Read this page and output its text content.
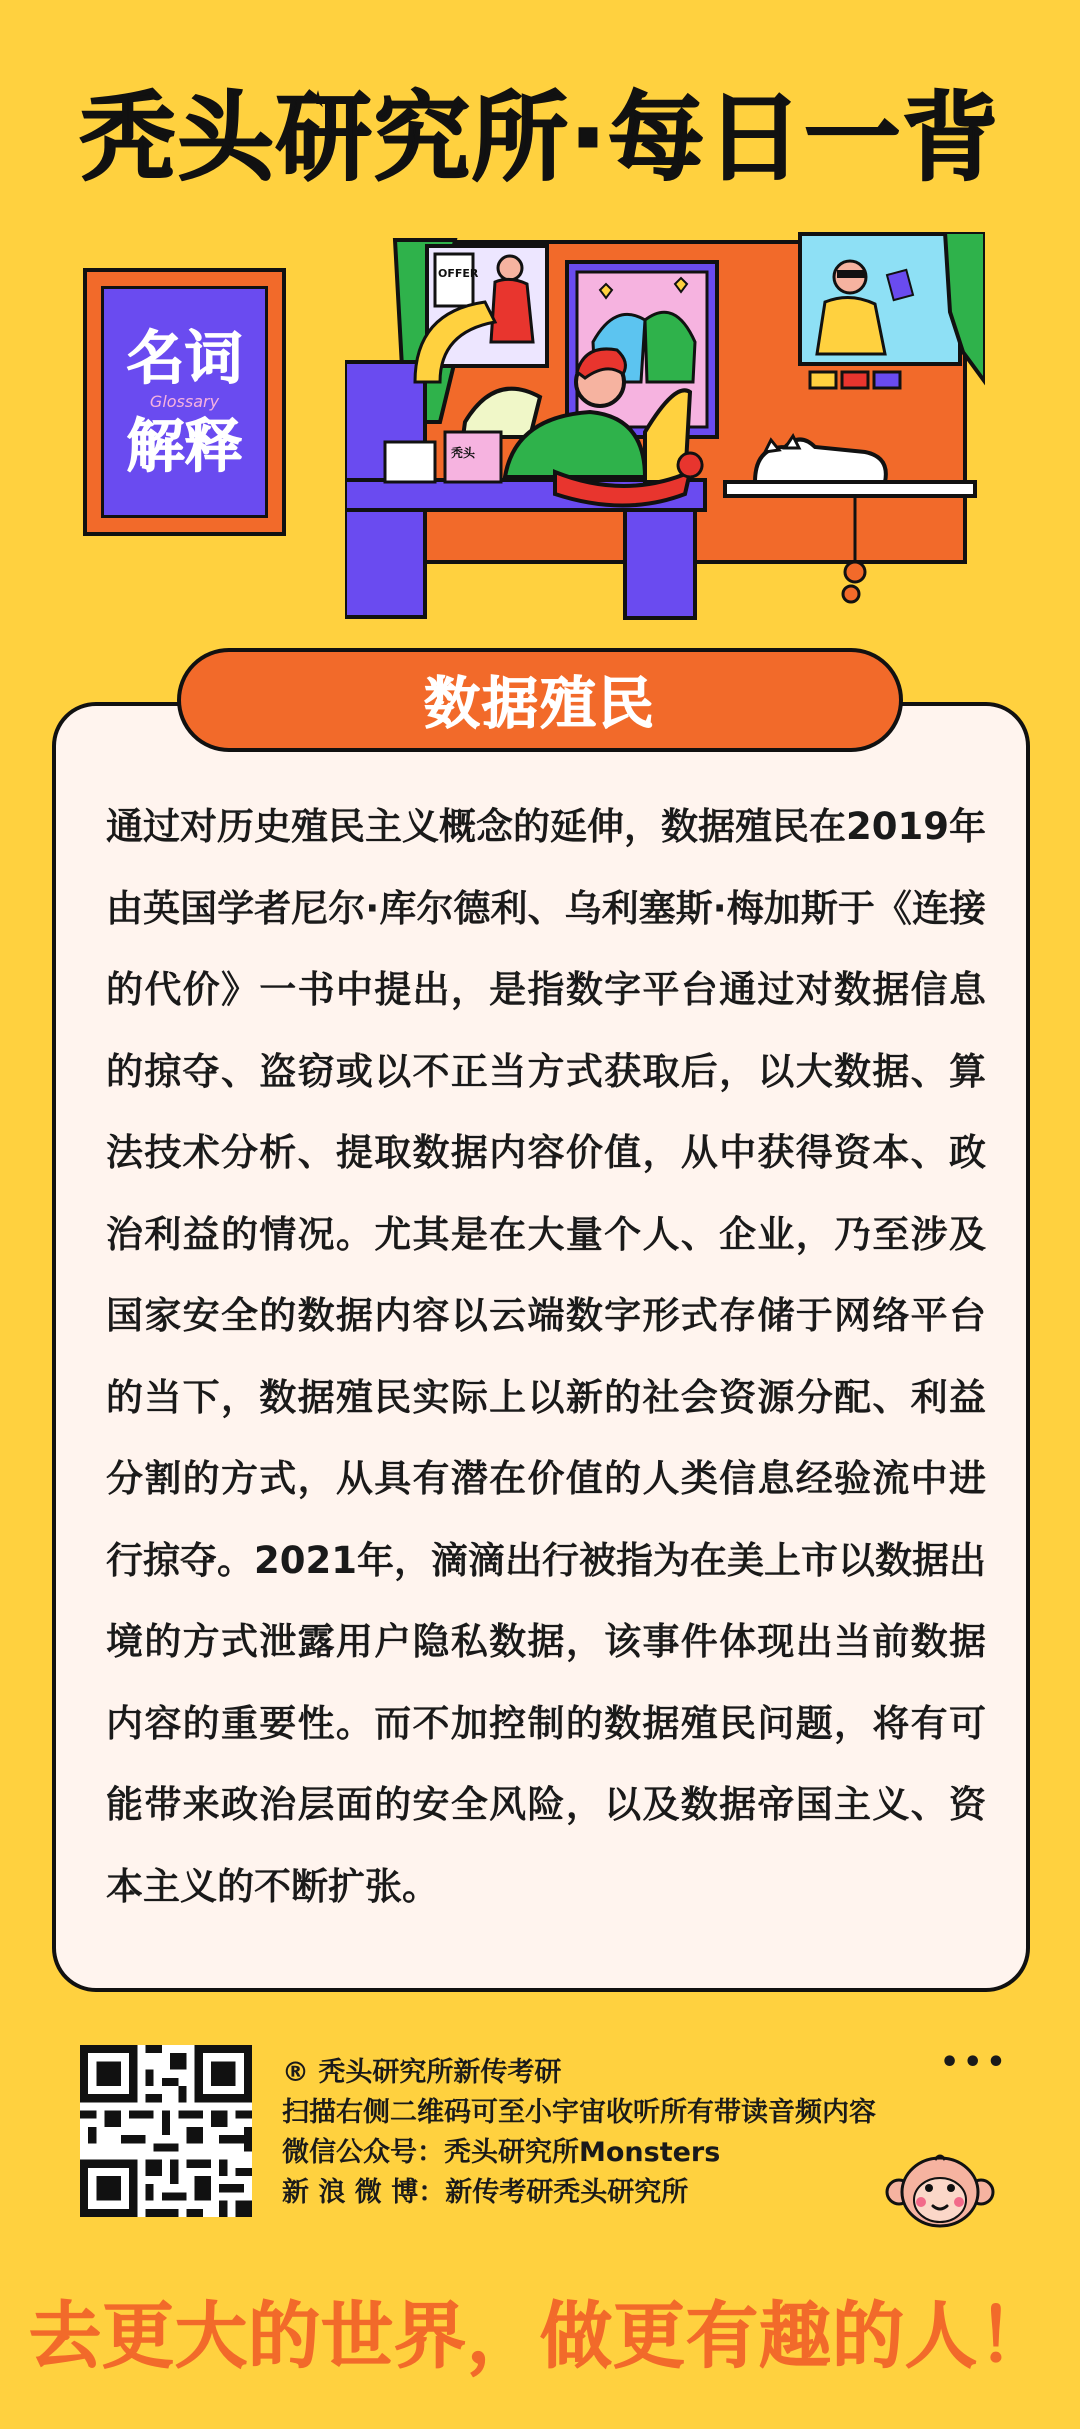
秃头研究所·每日一背
名词
Glossary
解释
OFFER
秃头
数据殖民

通过对历史殖民主义概念的延伸，数据殖民在2019年由英国学者尼尔·库尔德利、乌利塞斯·梅加斯于《连接的代价》一书中提出，是指数字平台通过对数据信息的掠夺、盗窃或以不正当方式获取后，以大数据、算法技术分析、提取数据内容价值，从中获得资本、政治利益的情况。尤其是在大量个人、企业，乃至涉及国家安全的数据内容以云端数字形式存储于网络平台的当下，数据殖民实际上以新的社会资源分配、利益分割的方式，从具有潜在价值的人类信息经验流中进行掠夺。2021年，滴滴出行被指为在美上市以数据出境的方式泄露用户隐私数据，该事件体现出当前数据内容的重要性。而不加控制的数据殖民问题，将有可能带来政治层面的安全风险，以及数据帝国主义、资本主义的不断扩张。

® 秃头研究所新传考研
扫描右侧二维码可至小宇宙收听所有带读音频内容
微信公众号：秃头研究所Monsters
新 浪 微 博：新传考研秃头研究所
•••
去更大的世界，做更有趣的人！
